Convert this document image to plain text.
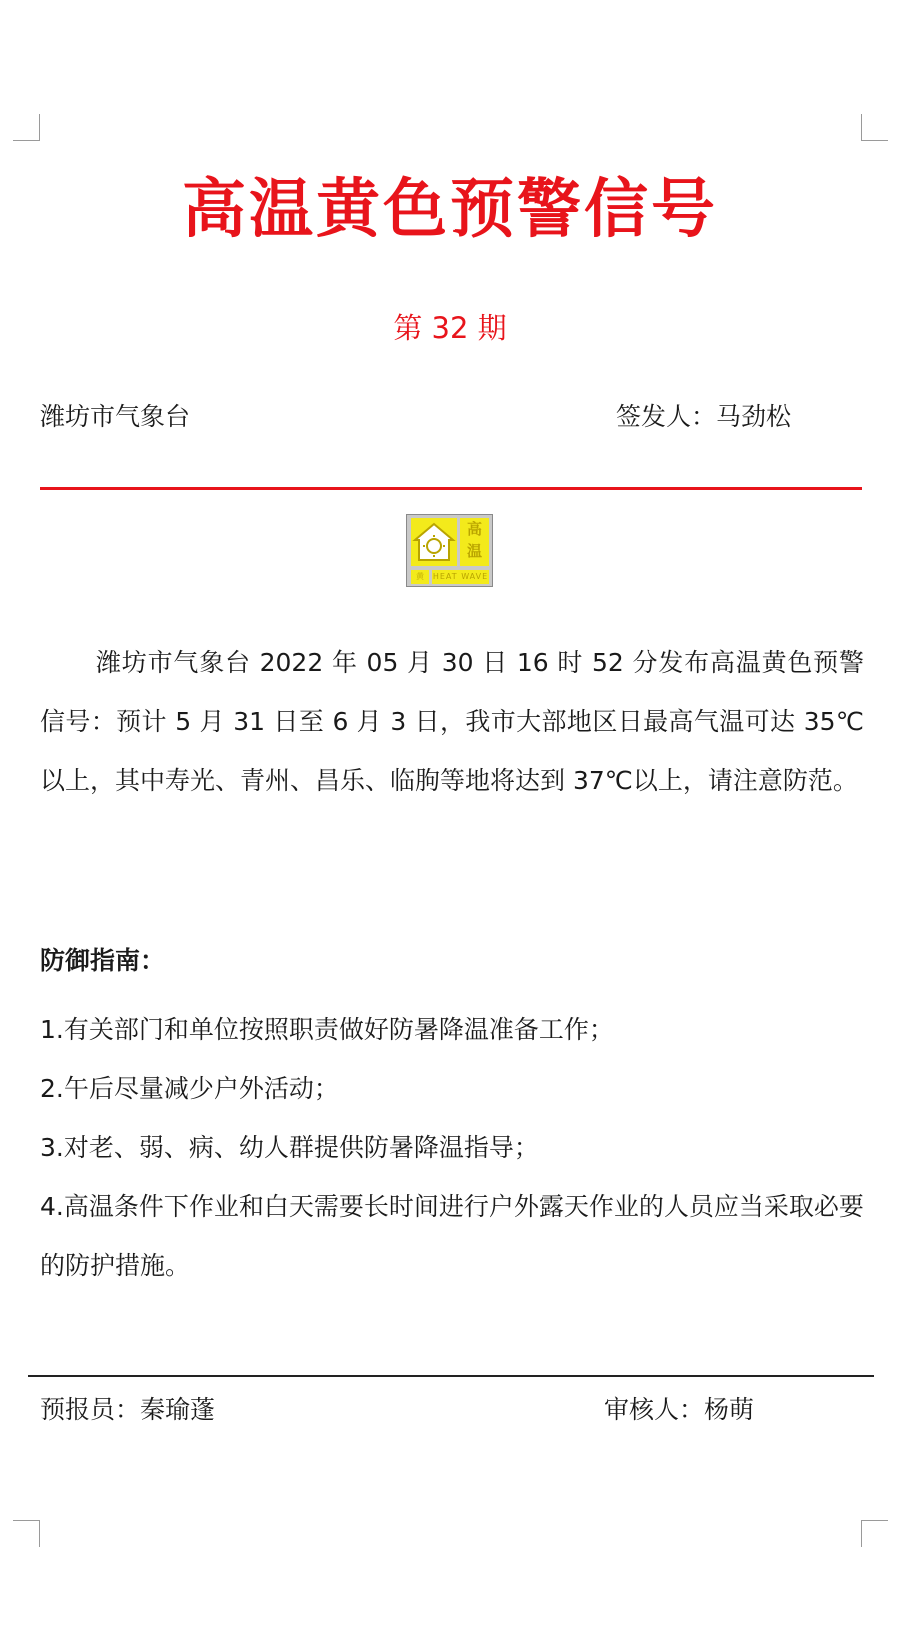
高温黄色预警信号
第 32 期
潍坊市气象台	签发人：马劲松
高
温
黄	HEAT WAVE

潍坊市气象台 2022 年 05 月 30 日 16 时 52 分发布高温黄色预警信号：预计 5 月 31 日至 6 月 3 日，我市大部地区日最高气温可达 35℃以上，其中寿光、青州、昌乐、临朐等地将达到 37℃以上，请注意防范。

防御指南：
1.有关部门和单位按照职责做好防暑降温准备工作；
2.午后尽量减少户外活动；
3.对老、弱、病、幼人群提供防暑降温指导；
4.高温条件下作业和白天需要长时间进行户外露天作业的人员应当采取必要的防护措施。
预报员：秦瑜蓬	审核人：杨萌
